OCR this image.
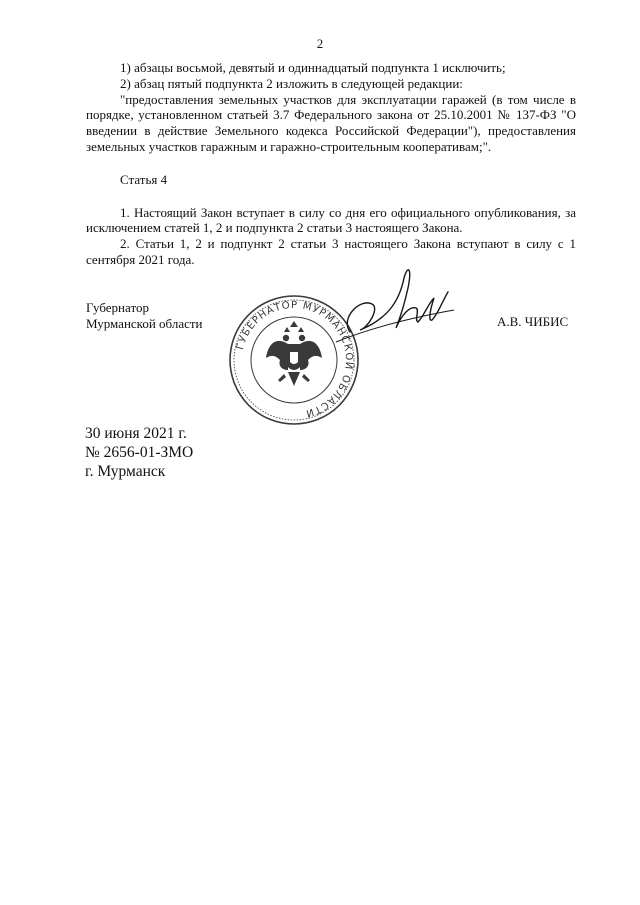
2

1) абзацы восьмой, девятый и одиннадцатый подпункта 1 исключить;

2) абзац пятый подпункта 2 изложить в следующей редакции:

"предоставления земельных участков для эксплуатации гаражей (в том числе в порядке, установленном статьей 3.7 Федерального закона от 25.10.2001 № 137-ФЗ "О введении в действие Земельного кодекса Российской Федерации"), предоставления земельных участков гаражным и гаражно-строительным кооперативам;".

Статья 4

1. Настоящий Закон вступает в силу со дня его официального опубликования, за исключением статей 1, 2 и подпункта 2 статьи 3 настоящего Закона.

2. Статьи 1, 2 и подпункт 2 статьи 3 настоящего Закона вступают в силу с 1 сентября 2021 года.

Губернатор
Мурманской области
ГУБЕРНАТОР МУРМАНСКОЙ ОБЛАСТИ
А.В. ЧИБИС
30 июня 2021 г.
№ 2656-01-ЗМО
г. Мурманск
